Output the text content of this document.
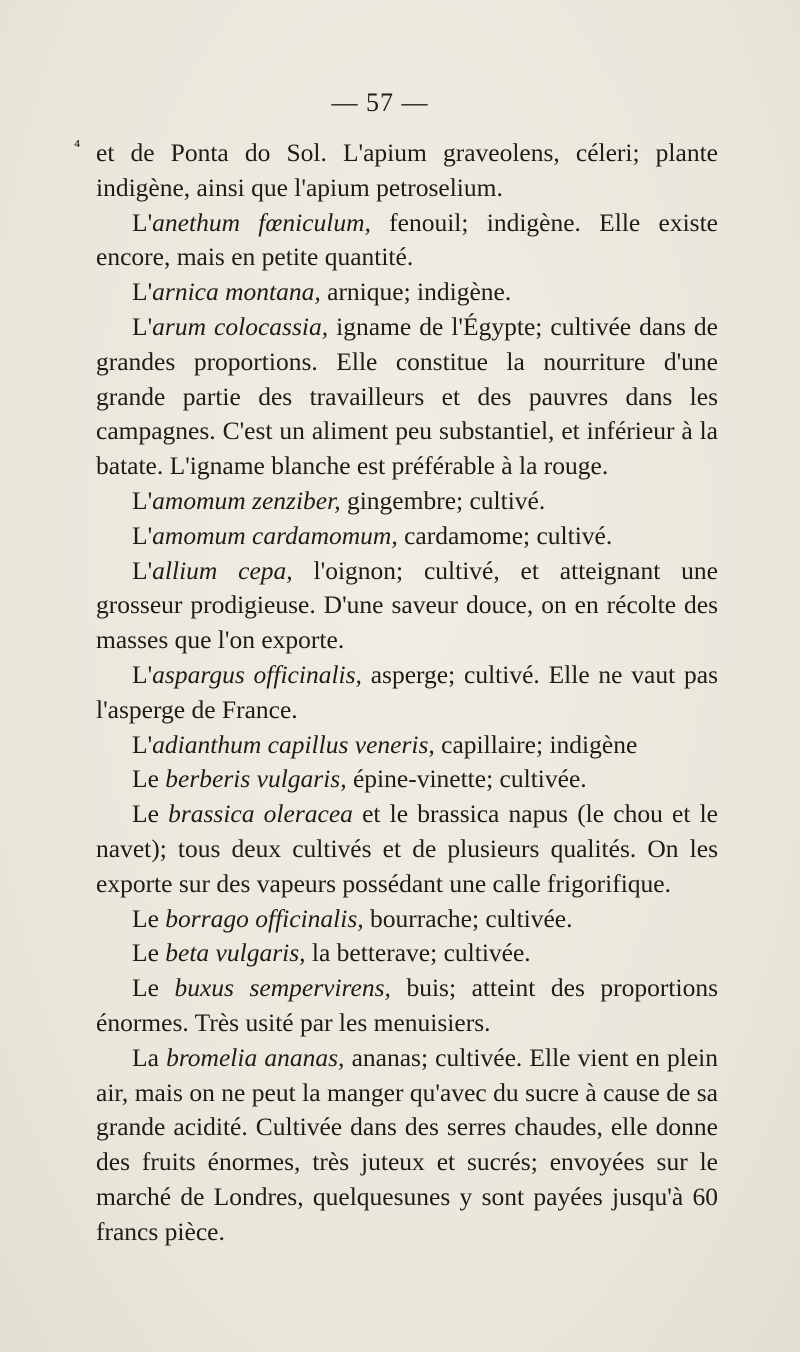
— 57 —
⁴ et de Ponta do Sol. L'apium graveolens, céleri; plante indigène, ainsi que l'apium petroselium.

L'anethum fœniculum, fenouil; indigène. Elle existe encore, mais en petite quantité.

L'arnica montana, arnique; indigène.

L'arum colocassia, igname de l'Égypte; cultivée dans de grandes proportions. Elle constitue la nourriture d'une grande partie des travailleurs et des pauvres dans les campagnes. C'est un aliment peu substantiel, et inférieur à la batate. L'igname blanche est préférable à la rouge.

L'amomum zenziber, gingembre; cultivé.

L'amomum cardamomum, cardamome; cultivé.

L'allium cepa, l'oignon; cultivé, et atteignant une grosseur prodigieuse. D'une saveur douce, on en récolte des masses que l'on exporte.

L'aspargus officinalis, asperge; cultivé. Elle ne vaut pas l'asperge de France.

L'adianthum capillus veneris, capillaire; indigène

Le berberis vulgaris, épine-vinette; cultivée.

Le brassica oleracea et le brassica napus (le chou et le navet); tous deux cultivés et de plusieurs qualités. On les exporte sur des vapeurs possédant une calle frigorifique.

Le borrago officinalis, bourrache; cultivée.

Le beta vulgaris, la betterave; cultivée.

Le buxus sempervirens, buis; atteint des proportions énormes. Très usité par les menuisiers.

La bromelia ananas, ananas; cultivée. Elle vient en plein air, mais on ne peut la manger qu'avec du sucre à cause de sa grande acidité. Cultivée dans des serres chaudes, elle donne des fruits énormes, très juteux et sucrés; envoyées sur le marché de Londres, quelquesunes y sont payées jusqu'à 60 francs pièce.
